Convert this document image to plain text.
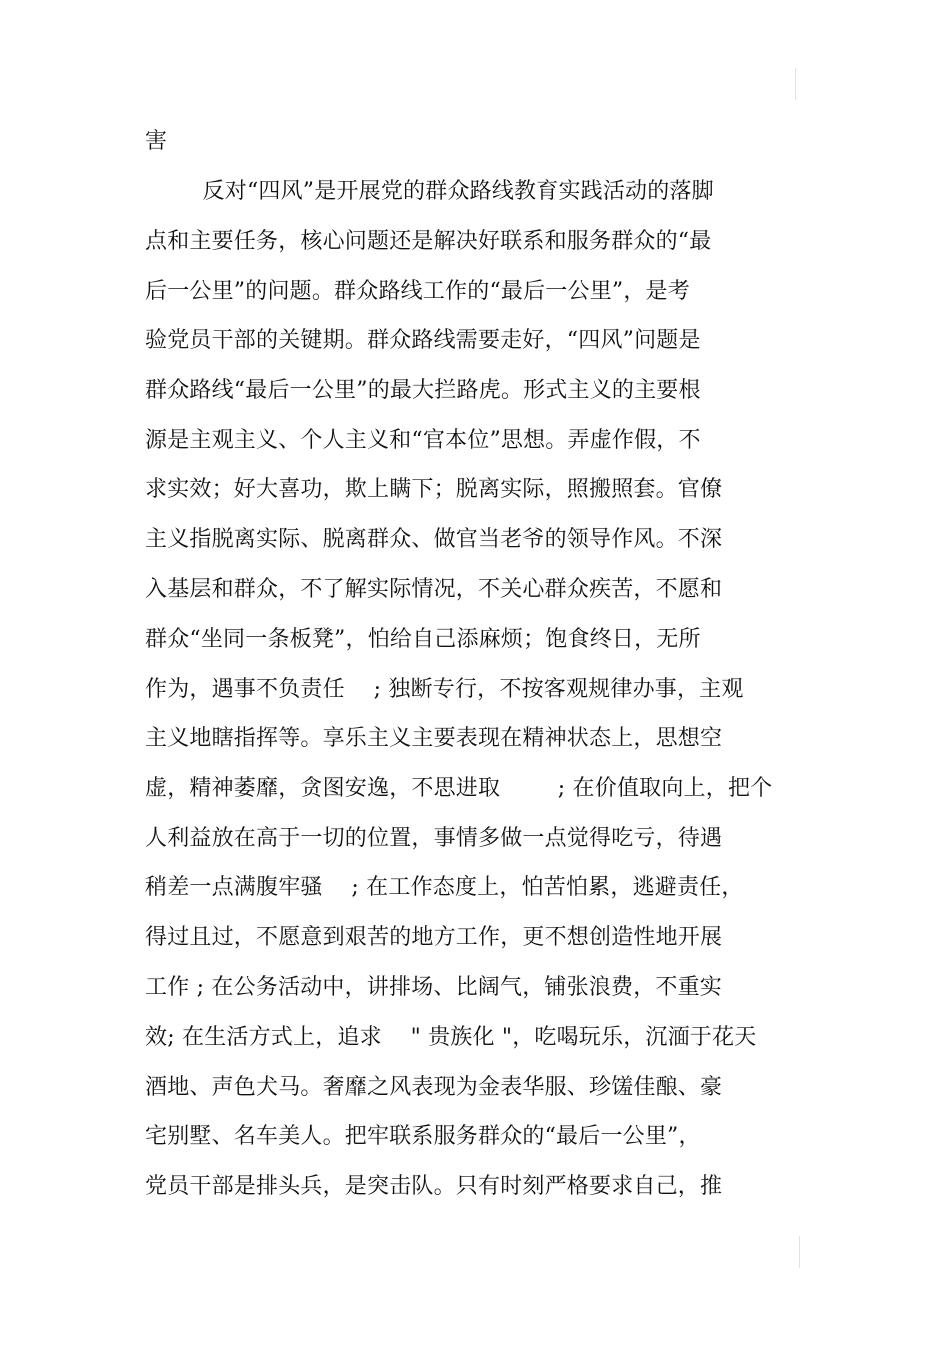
害

反对“四风”是开展党的群众路线教育实践活动的落脚

点和主要任务，核心问题还是解决好联系和服务群众的“最

后一公里”的问题。群众路线工作的“最后一公里”，是考

验党员干部的关键期。群众路线需要走好，“四风”问题是

群众路线“最后一公里”的最大拦路虎。形式主义的主要根

源是主观主义、个人主义和“官本位”思想。弄虚作假，不

求实效；好大喜功，欺上瞒下；脱离实际，照搬照套。官僚

主义指脱离实际、脱离群众、做官当老爷的领导作风。不深

入基层和群众，不了解实际情况，不关心群众疾苦，不愿和

群众“坐同一条板凳”，怕给自己添麻烦；饱食终日，无所

作为，遇事不负责任    ; 独断专行，不按客观规律办事，主观

主义地瞎指挥等。享乐主义主要表现在精神状态上，思想空

虚，精神萎靡，贪图安逸，不思进取        ; 在价值取向上，把个

人利益放在高于一切的位置，事情多做一点觉得吃亏，待遇

稍差一点满腹牢骚    ; 在工作态度上，怕苦怕累，逃避责任，

得过且过，不愿意到艰苦的地方工作，更不想创造性地开展

工作 ; 在公务活动中，讲排场、比阔气，铺张浪费，不重实

效; 在生活方式上，追求    " 贵族化 "，吃喝玩乐，沉湎于花天

酒地、声色犬马。奢靡之风表现为金表华服、珍馐佳酿、豪

宅别墅、名车美人。把牢联系服务群众的“最后一公里”，

党员干部是排头兵，是突击队。只有时刻严格要求自己，推
